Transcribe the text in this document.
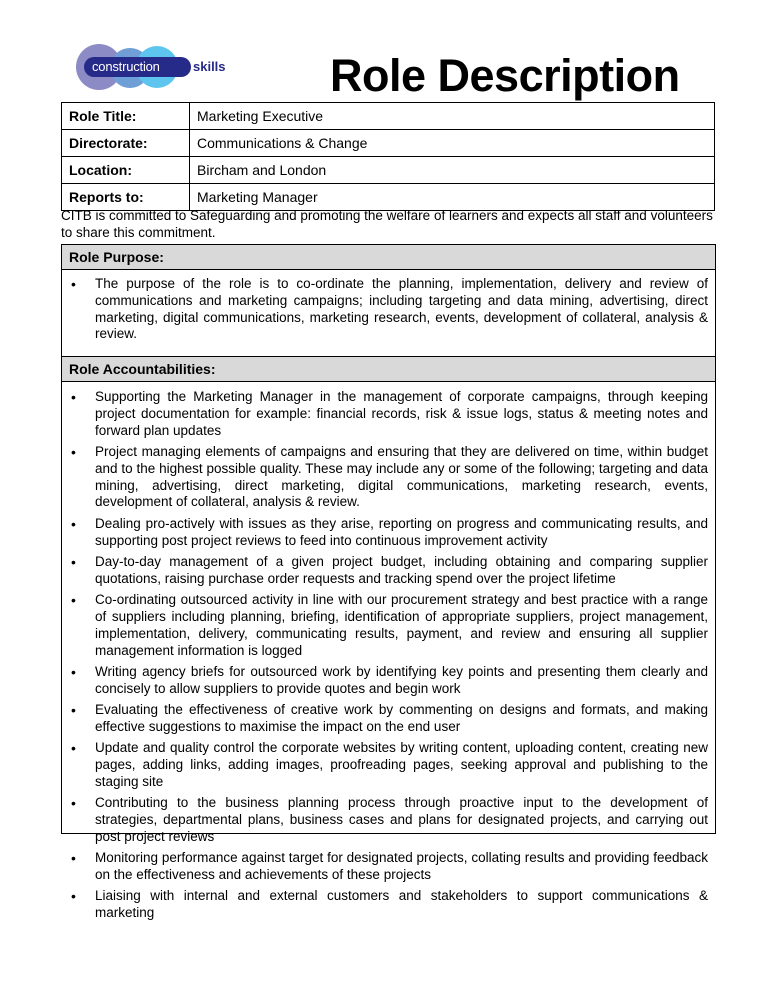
construction	skills Role Description
Role Title:	Marketing Executive
Directorate:	Communications & Change
Location:	Bircham and London
Reports to:	Marketing Manager
CITB is committed to Safeguarding and promoting the welfare of learners and expects all staff and volunteers to share this commitment.
Role Purpose:
• The purpose of the role is to co-ordinate the planning, implementation, delivery and review of communications and marketing campaigns; including targeting and data mining, advertising, direct marketing, digital communications, marketing research, events, development of collateral, analysis & review.
Role Accountabilities:
• Supporting the Marketing Manager in the management of corporate campaigns, through keeping project documentation for example: financial records, risk & issue logs, status & meeting notes and forward plan updates
• Project managing elements of campaigns and ensuring that they are delivered on time, within budget and to the highest possible quality. These may include any or some of the following; targeting and data mining, advertising, direct marketing, digital communications, marketing research, events, development of collateral, analysis & review.
• Dealing pro-actively with issues as they arise, reporting on progress and communicating results, and supporting post project reviews to feed into continuous improvement activity
• Day-to-day management of a given project budget, including obtaining and comparing supplier quotations, raising purchase order requests and tracking spend over the project lifetime
• Co-ordinating outsourced activity in line with our procurement strategy and best practice with a range of suppliers including planning, briefing, identification of appropriate suppliers, project management, implementation, delivery, communicating results, payment, and review and ensuring all supplier management information is logged
• Writing agency briefs for outsourced work by identifying key points and presenting them clearly and concisely to allow suppliers to provide quotes and begin work
• Evaluating the effectiveness of creative work by commenting on designs and formats, and making effective suggestions to maximise the impact on the end user
• Update and quality control the corporate websites by writing content, uploading content, creating new pages, adding links, adding images, proofreading pages, seeking approval and publishing to the staging site
• Contributing to the business planning process through proactive input to the development of strategies, departmental plans, business cases and plans for designated projects, and carrying out post project reviews
• Monitoring performance against target for designated projects, collating results and providing feedback on the effectiveness and achievements of these projects
• Liaising with internal and external customers and stakeholders to support communications & marketing
